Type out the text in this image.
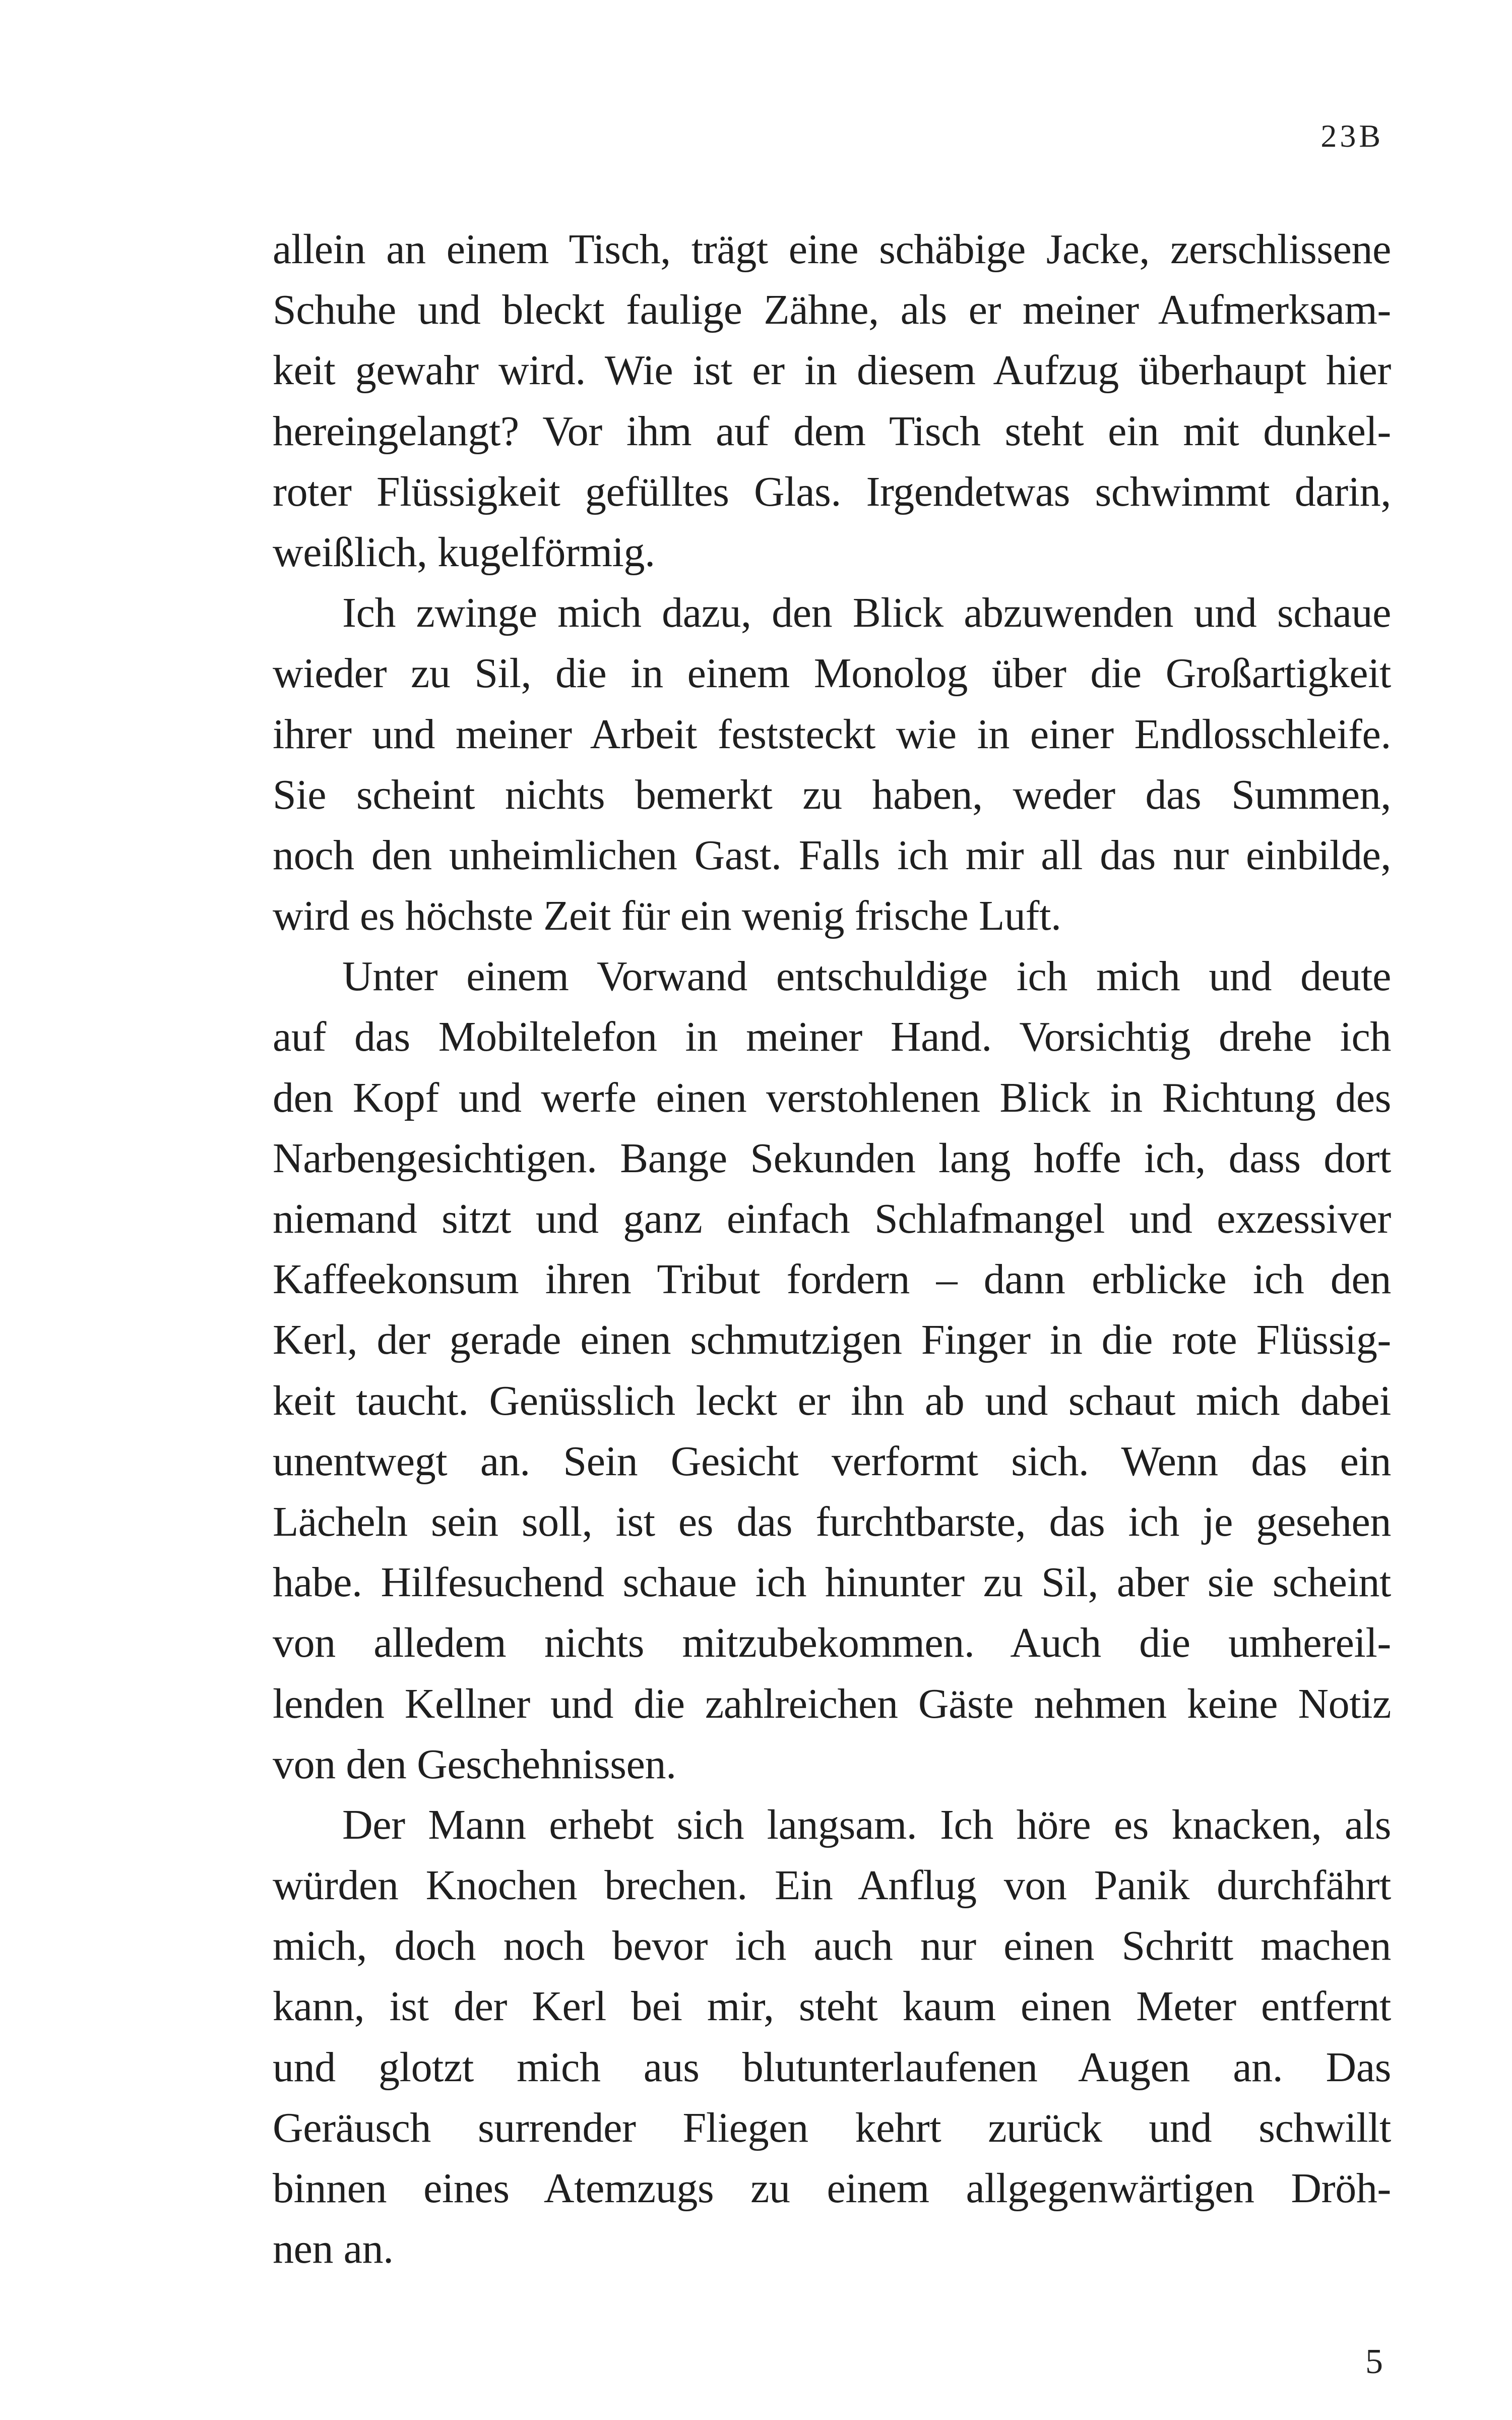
23B
allein an einem Tisch, trägt eine schäbige Jacke, zerschlissene
Schuhe und bleckt faulige Zähne, als er meiner Aufmerksam-
keit gewahr wird. Wie ist er in diesem Aufzug überhaupt hier
hereingelangt? Vor ihm auf dem Tisch steht ein mit dunkel-
roter Flüssigkeit gefülltes Glas. Irgendetwas schwimmt darin,
weißlich, kugelförmig.
Ich zwinge mich dazu, den Blick abzuwenden und schaue
wieder zu Sil, die in einem Monolog über die Großartigkeit
ihrer und meiner Arbeit feststeckt wie in einer Endlosschleife.
Sie scheint nichts bemerkt zu haben, weder das Summen,
noch den unheimlichen Gast. Falls ich mir all das nur einbilde,
wird es höchste Zeit für ein wenig frische Luft.
Unter einem Vorwand entschuldige ich mich und deute
auf das Mobiltelefon in meiner Hand. Vorsichtig drehe ich
den Kopf und werfe einen verstohlenen Blick in Richtung des
Narbengesichtigen. Bange Sekunden lang hoffe ich, dass dort
niemand sitzt und ganz einfach Schlafmangel und exzessiver
Kaffeekonsum ihren Tribut fordern – dann erblicke ich den
Kerl, der gerade einen schmutzigen Finger in die rote Flüssig-
keit taucht. Genüsslich leckt er ihn ab und schaut mich dabei
unentwegt an. Sein Gesicht verformt sich. Wenn das ein
Lächeln sein soll, ist es das furchtbarste, das ich je gesehen
habe. Hilfesuchend schaue ich hinunter zu Sil, aber sie scheint
von alledem nichts mitzubekommen. Auch die umhereil-
lenden Kellner und die zahlreichen Gäste nehmen keine Notiz
von den Geschehnissen.
Der Mann erhebt sich langsam. Ich höre es knacken, als
würden Knochen brechen. Ein Anflug von Panik durchfährt
mich, doch noch bevor ich auch nur einen Schritt machen
kann, ist der Kerl bei mir, steht kaum einen Meter entfernt
und glotzt mich aus blutunterlaufenen Augen an. Das
Geräusch surrender Fliegen kehrt zurück und schwillt
binnen eines Atemzugs zu einem allgegenwärtigen Dröh-
nen an.
5
